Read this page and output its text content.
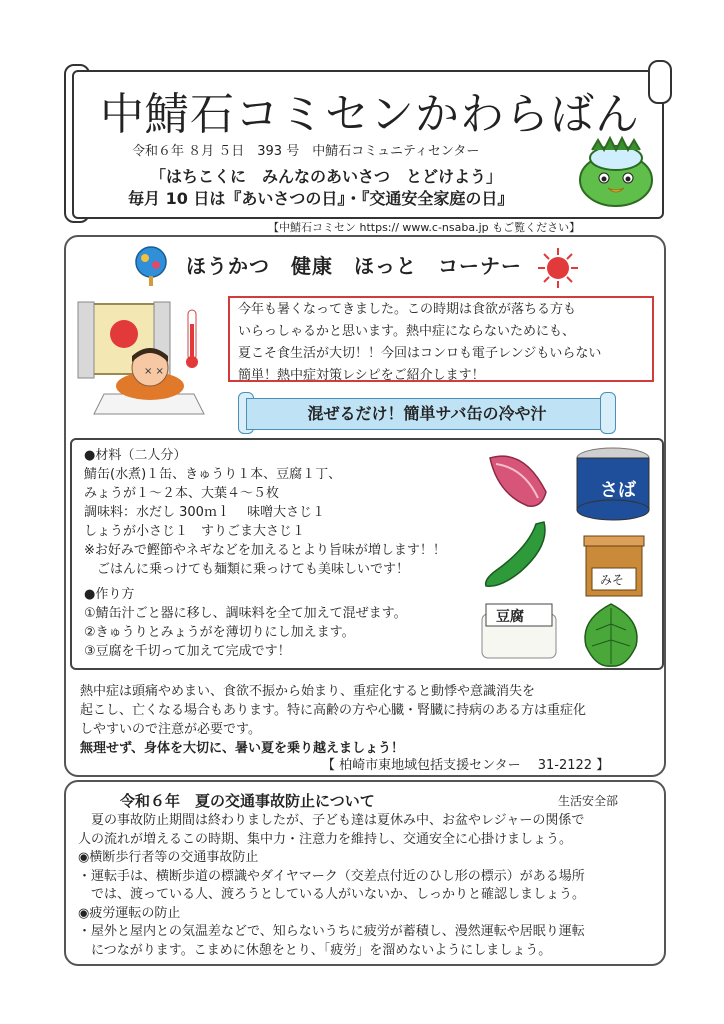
中鯖石コミセンかわらばん
令和６年 ８月 ５日　393 号　中鯖石コミュニティセンター
「はちこくに　みんなのあいさつ　とどけよう」
毎月 10 日は『あいさつの日』・『交通安全家庭の日』
【中鯖石コミセン https:// www.c-nsaba.jp もご覧ください】
ほうかつ　健康　ほっと　コーナー
× ×

今年も暑くなってきました。この時期は食欲が落ちる方も

いらっしゃるかと思います。熱中症にならないためにも、

夏こそ食生活が大切！！今回はコンロも電子レンジもいらない

簡単！熱中症対策レシピをご紹介します！

混ぜるだけ！簡単サバ缶の冷や汁
●材料（二人分）
鯖缶(水煮)１缶、きゅうり１本、豆腐１丁、
みょうが１～２本、大葉４～５枚
調味料：水だし 300ｍｌ　 味噌大さじ１
しょうが小さじ１　すりごま大さじ１
※お好みで鰹節やネギなどを加えるとより旨味が増します！！
　ごはんに乗っけても麺類に乗っけても美味しいです！
●作り方
①鯖缶汁ごと器に移し、調味料を全て加えて混ぜます。
②きゅうりとみょうがを薄切りにし加えます。
③豆腐を千切って加えて完成です！
さば
みそ
豆腐
熱中症は頭痛やめまい、食欲不振から始まり、重症化すると動悸や意識消失を
起こし、亡くなる場合もあります。特に高齢の方や心臓・腎臓に持病のある方は重症化
しやすいので注意が必要です。
無理せず、身体を大切に、暑い夏を乗り越えましょう！
【 柏崎市東地域包括支援センター　 31-2122 】
令和６年　夏の交通事故防止について	生活安全部
　夏の事故防止期間は終わりましたが、子ども達は夏休み中、お盆やレジャーの関係で
人の流れが増えるこの時期、集中力・注意力を維持し、交通安全に心掛けましょう。
◉横断歩行者等の交通事故防止
・運転手は、横断歩道の標識やダイヤマーク（交差点付近のひし形の標示）がある場所
　では、渡っている人、渡ろうとしている人がいないか、しっかりと確認しましょう。
◉疲労運転の防止
・屋外と屋内との気温差などで、知らないうちに疲労が蓄積し、漫然運転や居眠り運転
　につながります。こまめに休憩をとり、「疲労」を溜めないようにしましょう。
